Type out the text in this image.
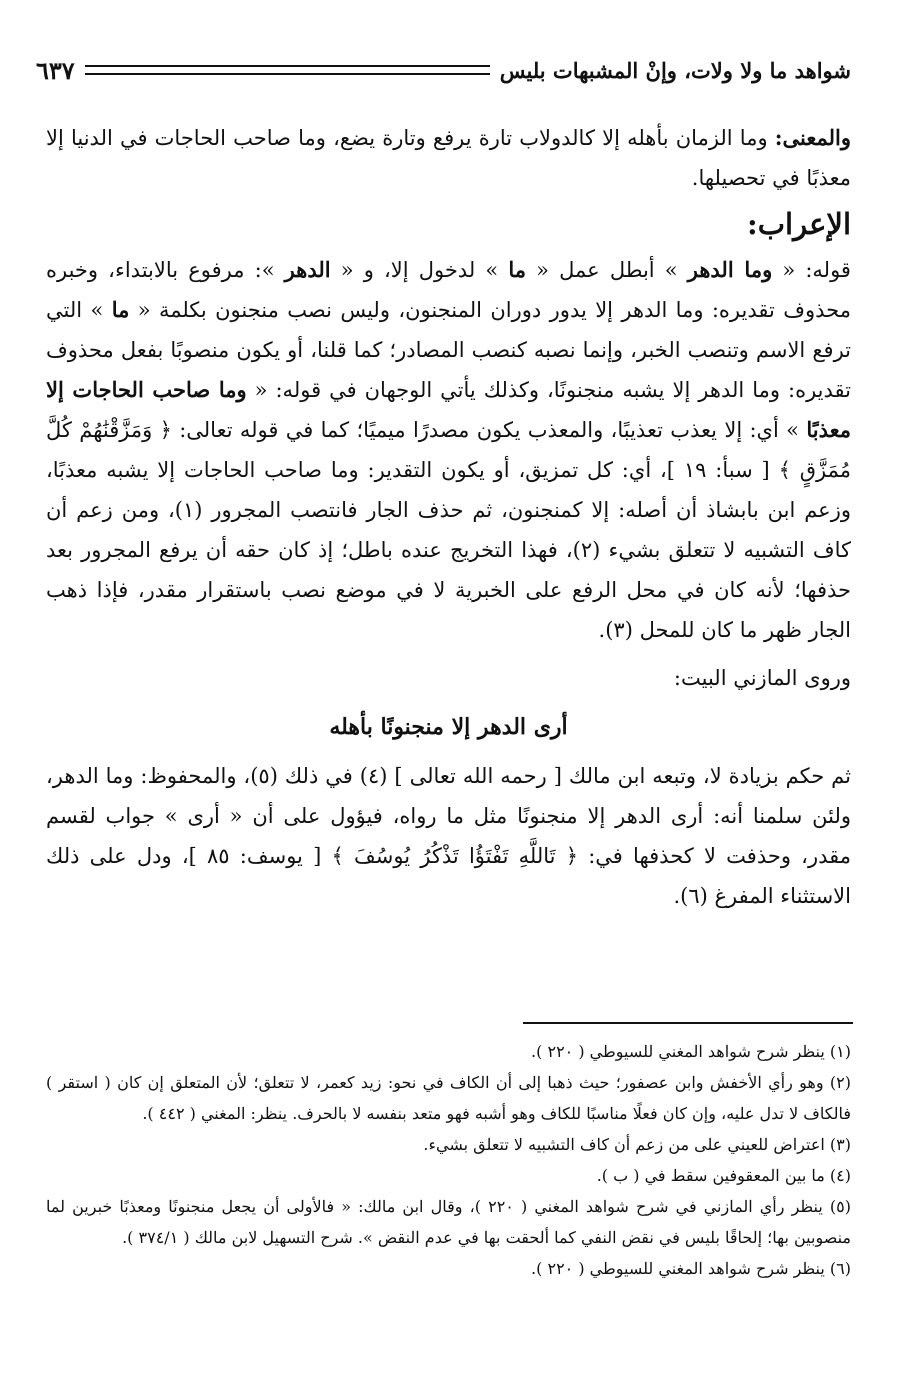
شواهد ما ولا ولات، وإنْ المشبهات بليس
٦٣٧

والمعنى: وما الزمان بأهله إلا كالدولاب تارة يرفع وتارة يضع، وما صاحب الحاجات في الدنيا إلا معذبًا في تحصيلها.

الإعراب:

قوله: « وما الدهر » أبطل عمل « ما » لدخول إلا، و « الدهر »: مرفوع بالابتداء، وخبره محذوف تقديره: وما الدهر إلا يدور دوران المنجنون، وليس نصب منجنون بكلمة « ما » التي ترفع الاسم وتنصب الخبر، وإنما نصبه كنصب المصادر؛ كما قلنا، أو يكون منصوبًا بفعل محذوف تقديره: وما الدهر إلا يشبه منجنونًا، وكذلك يأتي الوجهان في قوله: « وما صاحب الحاجات إلا معذبًا » أي: إلا يعذب تعذيبًا، والمعذب يكون مصدرًا ميميًا؛ كما في قوله تعالى: ﴿ وَمَزَّقْنَٰهُمْ كُلَّ مُمَزَّقٍ ﴾ [ سبأ: ١٩ ]، أي: كل تمزيق، أو يكون التقدير: وما صاحب الحاجات إلا يشبه معذبًا، وزعم ابن بابشاذ أن أصله: إلا كمنجنون، ثم حذف الجار فانتصب المجرور (١)، ومن زعم أن كاف التشبيه لا تتعلق بشيء (٢)، فهذا التخريج عنده باطل؛ إذ كان حقه أن يرفع المجرور بعد حذفها؛ لأنه كان في محل الرفع على الخبرية لا في موضع نصب باستقرار مقدر، فإذا ذهب الجار ظهر ما كان للمحل (٣).

وروى المازني البيت:

أرى الدهر إلا منجنونًا بأهله

ثم حكم بزيادة لا، وتبعه ابن مالك [ رحمه الله تعالى ] (٤) في ذلك (٥)، والمحفوظ: وما الدهر، ولئن سلمنا أنه: أرى الدهر إلا منجنونًا مثل ما رواه، فيؤول على أن « أرى » جواب لقسم مقدر، وحذفت لا كحذفها في: ﴿ تَاللَّهِ تَفْتَؤُا تَذْكُرُ يُوسُفَ ﴾ [ يوسف: ٨٥ ]، ودل على ذلك الاستثناء المفرغ (٦).

(١) ينظر شرح شواهد المغني للسيوطي ( ٢٢٠ ).

(٢) وهو رأي الأخفش وابن عصفور؛ حيث ذهبا إلى أن الكاف في نحو: زيد كعمر، لا تتعلق؛ لأن المتعلق إن كان ( استقر ) فالكاف لا تدل عليه، وإن كان فعلًا مناسبًا للكاف وهو أشبه فهو متعد بنفسه لا بالحرف. ينظر: المغني ( ٤٤٢ ).

(٣) اعتراض للعيني على من زعم أن كاف التشبيه لا تتعلق بشيء.

(٤) ما بين المعقوفين سقط في ( ب ).

(٥) ينظر رأي المازني في شرح شواهد المغني ( ٢٢٠ )، وقال ابن مالك: « فالأولى أن يجعل منجنونًا ومعذبًا خبرين لما منصوبين بها؛ إلحاقًا بليس في نقض النفي كما ألحقت بها في عدم النقض ». شرح التسهيل لابن مالك ( ٣٧٤/١ ).

(٦) ينظر شرح شواهد المغني للسيوطي ( ٢٢٠ ).
